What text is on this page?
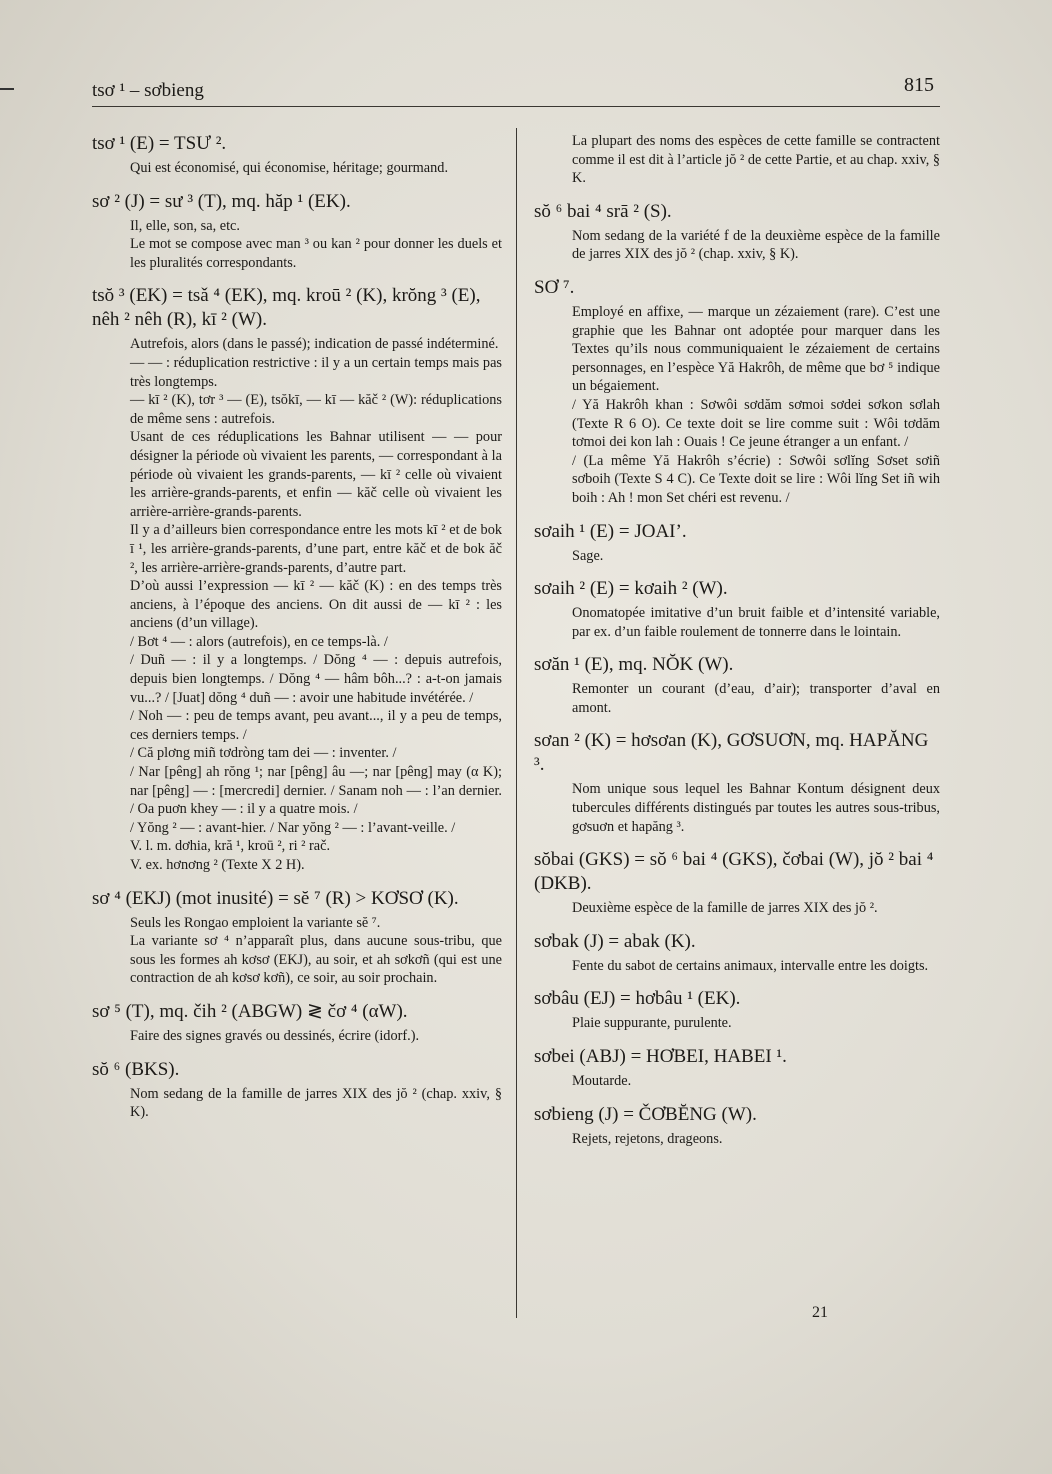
tsơ ¹ – sơbieng	815
tsơ ¹ (E) = TSƯ ².

Qui est économisé, qui économise, héritage; gourmand.

sơ ² (J) = sư ³ (T), mq. hăp ¹ (EK).

Il, elle, son, sa, etc.

Le mot se compose avec man ³ ou kan ² pour donner les duels et les pluralités correspondants.

tsŏ ³ (EK) = tsǎ ⁴ (EK), mq. kroū ² (K), krŏng ³ (E), nêh ² nêh (R), kī ² (W).

Autrefois, alors (dans le passé); indication de passé indéterminé.

— — : réduplication restrictive : il y a un certain temps mais pas très longtemps.

— kī ² (K), tơr ³ — (E), tsŏkī, — kī — kăč ² (W): réduplications de même sens : autrefois.

Usant de ces réduplications les Bahnar utilisent — — pour désigner la période où vivaient les parents, — correspondant à la période où vivaient les grands-parents, — kī ² celle où vivaient les arrière-grands-parents, et enfin — kăč celle où vivaient les arrière-arrière-grands-parents.

Il y a d’ailleurs bien correspondance entre les mots kī ² et de bok ī ¹, les arrière-grands-parents, d’une part, entre kăč et de bok ăč ², les arrière-arrière-grands-parents, d’autre part.

D’où aussi l’expression — kī ² — kăč (K) : en des temps très anciens, à l’époque des anciens. On dit aussi de — kī ² : les anciens (d’un village).

/ Bơt ⁴ — : alors (autrefois), en ce temps-là. /

/ Duñ — : il y a longtemps. / Dŏng ⁴ — : depuis autrefois, depuis bien longtemps. / Dŏng ⁴ — hâm bôh...? : a-t-on jamais vu...? / [Juat] dŏng ⁴ duñ — : avoir une habitude invétérée. /

/ Noh — : peu de temps avant, peu avant..., il y a peu de temps, ces derniers temps. /

/ Că plơng miñ tơdròng tam dei — : inventer. /

/ Nar [pêng] ah rŏng ¹; nar [pêng] âu —; nar [pêng] may (α K); nar [pêng] — : [mercredi] dernier. / Sanam noh — : l’an dernier. / Oa puơn khey — : il y a quatre mois. /

/ Yŏng ² — : avant-hier. / Nar yŏng ² — : l’avant-veille. /

V. l. m. dơhia, kră ¹, kroū ², ri ² rač.

V. ex. hơnơng ² (Texte X 2 H).

sơ ⁴ (EKJ) (mot inusité) = sĕ ⁷ (R) > KƠSƠ (K).

Seuls les Rongao emploient la variante sĕ ⁷.

La variante sơ ⁴ n’apparaît plus, dans aucune sous-tribu, que sous les formes ah kơsơ (EKJ), au soir, et ah sơkơñ (qui est une contraction de ah kơsơ kơñ), ce soir, au soir prochain.

sơ ⁵ (T), mq. čih ² (ABGW) ≷ čơ ⁴ (αW).

Faire des signes gravés ou dessinés, écrire (idorf.).

sŏ ⁶ (BKS).

Nom sedang de la famille de jarres XIX des jŏ ² (chap. xxiv, § K).

La plupart des noms des espèces de cette famille se contractent comme il est dit à l’article jŏ ² de cette Partie, et au chap. xxiv, § K.

sŏ ⁶ bai ⁴ srā ² (S).

Nom sedang de la variété f de la deuxième espèce de la famille de jarres XIX des jŏ ² (chap. xxiv, § K).

SƠ ⁷.

Employé en affixe, — marque un zézaiement (rare). C’est une graphie que les Bahnar ont adoptée pour marquer dans les Textes qu’ils nous communiquaient le zézaiement de certains personnages, en l’espèce Yă Hakrôh, de même que bơ ⁵ indique un bégaiement.

/ Yă Hakrôh khan : Sơwôi sơdăm sơmoi sơdei sơkon sơlah (Texte R 6 O). Ce texte doit se lire comme suit : Wôi tơdăm tơmoi dei kon lah : Ouais ! Ce jeune étranger a un enfant. /

/ (La même Yă Hakrôh s’écrie) : Sơwôi sơlĭng Sơset sơiñ sơboih (Texte S 4 C). Ce Texte doit se lire : Wôi lĭng Set iñ wih boih : Ah ! mon Set chéri est revenu. /

sơaih ¹ (E) = JOAI’.

Sage.

sơaih ² (E) = kơaih ² (W).

Onomatopée imitative d’un bruit faible et d’intensité variable, par ex. d’un faible roulement de tonnerre dans le lointain.

sơăn ¹ (E), mq. NŎK (W).

Remonter un courant (d’eau, d’air); transporter d’aval en amont.

sơan ² (K) = hơsơan (K), GƠSUƠN, mq. HAPĂNG ³.

Nom unique sous lequel les Bahnar Kontum désignent deux tubercules différents distingués par toutes les autres sous-tribus, gơsuơn et hapăng ³.

sŏbai (GKS) = sŏ ⁶ bai ⁴ (GKS), čơbai (W), jŏ ² bai ⁴ (DKB).

Deuxième espèce de la famille de jarres XIX des jŏ ².

sơbak (J) = abak (K).

Fente du sabot de certains animaux, intervalle entre les doigts.

sơbâu (EJ) = hơbâu ¹ (EK).

Plaie suppurante, purulente.

sơbei (ABJ) = HƠBEI, HABEI ¹.

Moutarde.

sơbieng (J) = ČƠBĔNG (W).

Rejets, rejetons, drageons.

21
